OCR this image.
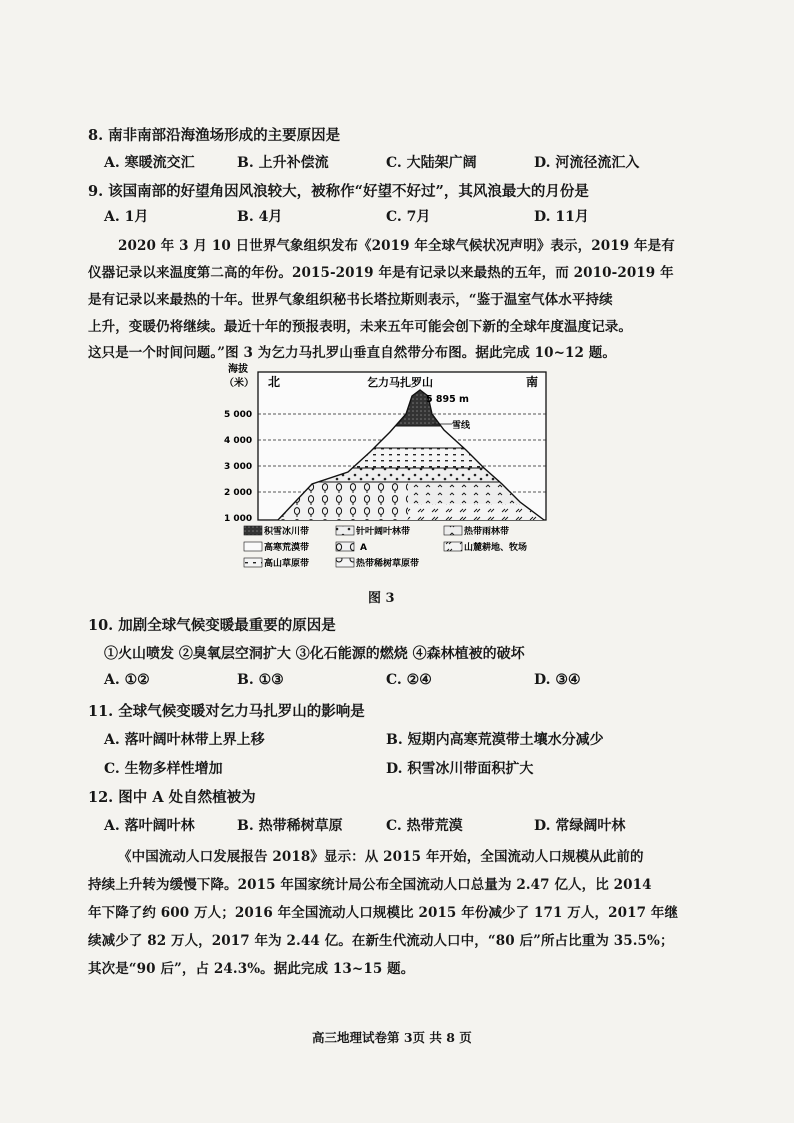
8. 南非南部沿海渔场形成的主要原因是
A. 寒暖流交汇	B. 上升补偿流	C. 大陆架广阔	D. 河流径流汇入
9. 该国南部的好望角因风浪较大，被称作“好望不好过”，其风浪最大的月份是
A. 1月	B. 4月	C. 7月	D. 11月
2020 年 3 月 10 日世界气象组织发布《2019 年全球气候状况声明》表示，2019 年是有
仪器记录以来温度第二高的年份。2015-2019 年是有记录以来最热的五年，而 2010-2019 年
是有记录以来最热的十年。世界气象组织秘书长塔拉斯则表示，“鉴于温室气体水平持续
上升，变暖仍将继续。最近十年的预报表明，未来五年可能会创下新的全球年度温度记录。
这只是一个时间问题。”图 3 为乞力马扎罗山垂直自然带分布图。据此完成 10~12 题。
海拔
（米） 北	南
乞力马扎罗山
5 000
4 000
3 000
2 000
1 000
雪线
5 895 m
积雪冰川带	针叶阔叶林带	热带雨林带
高寒荒漠带	A	山麓耕地、牧场
高山草原带	热带稀树草原带
图 3
10. 加剧全球气候变暖最重要的原因是
①火山喷发 ②臭氧层空洞扩大 ③化石能源的燃烧 ④森林植被的破坏
A. ①②	B. ①③	C. ②④	D. ③④
11. 全球气候变暖对乞力马扎罗山的影响是
A. 落叶阔叶林带上界上移	B. 短期内高寒荒漠带土壤水分减少
C. 生物多样性增加	D. 积雪冰川带面积扩大
12. 图中 A 处自然植被为
A. 落叶阔叶林	B. 热带稀树草原	C. 热带荒漠	D. 常绿阔叶林
《中国流动人口发展报告 2018》显示：从 2015 年开始，全国流动人口规模从此前的
持续上升转为缓慢下降。2015 年国家统计局公布全国流动人口总量为 2.47 亿人，比 2014
年下降了约 600 万人；2016 年全国流动人口规模比 2015 年份减少了 171 万人，2017 年继
续减少了 82 万人，2017 年为 2.44 亿。在新生代流动人口中，“80 后”所占比重为 35.5%；
其次是“90 后”，占 24.3%。据此完成 13~15 题。
高三地理试卷第 3页 共 8 页
